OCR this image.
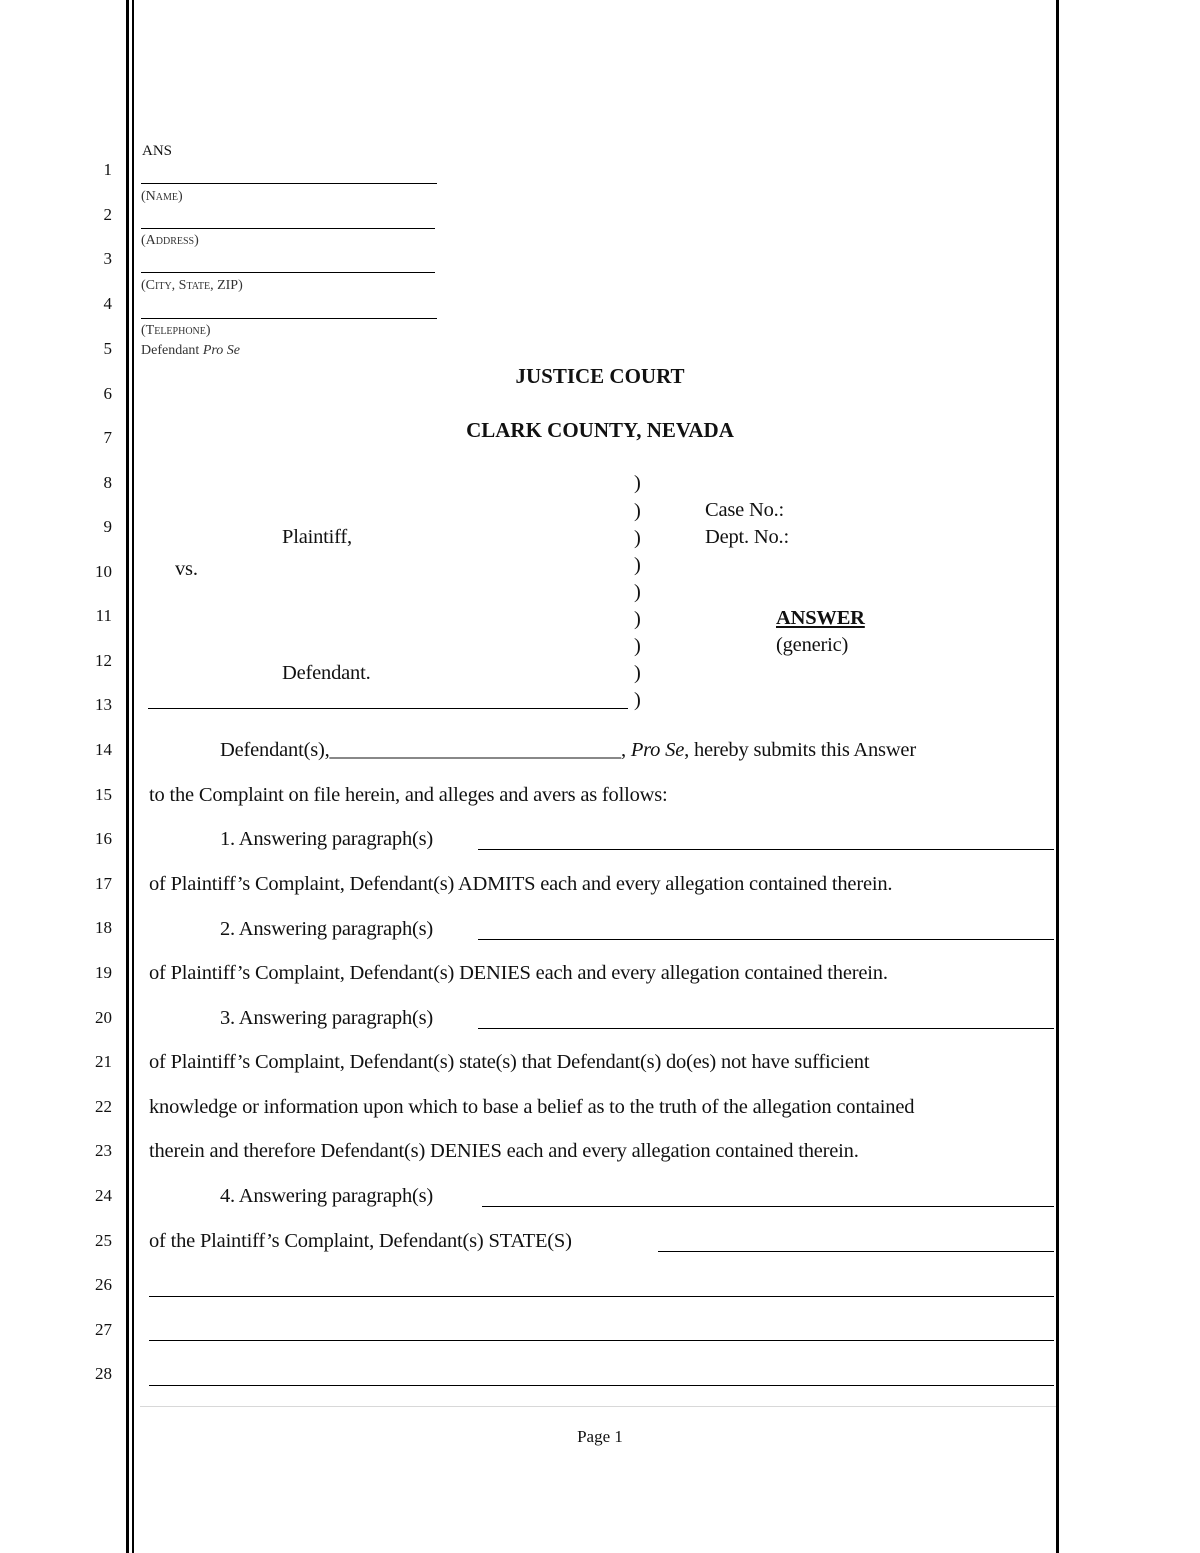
1
2
3
4
5
6
7
8
9
10
11
12
13
14
15
16
17
18
19
20
21
22
23
24
25
26
27
28
ANS
(Name)
(Address)
(City, State, ZIP)
(Telephone)
Defendant Pro Se
JUSTICE COURT
CLARK COUNTY, NEVADA
Plaintiff,
vs.
Defendant.
)
)
)
)
)
)
)
)
)
Case No.:
Dept. No.:
ANSWER
(generic)
Defendant(s),_____________________________, Pro Se, hereby submits this Answer
to the Complaint on file herein, and alleges and avers as follows:
1. Answering paragraph(s)
of Plaintiff’s Complaint, Defendant(s) ADMITS each and every allegation contained therein.
2. Answering paragraph(s)
of Plaintiff’s Complaint, Defendant(s) DENIES each and every allegation contained therein.
3. Answering paragraph(s)
of Plaintiff’s Complaint, Defendant(s) state(s) that Defendant(s) do(es) not have sufficient
knowledge or information upon which to base a belief as to the truth of the allegation contained
therein and therefore Defendant(s) DENIES each and every allegation contained therein.
4. Answering paragraph(s)
of the Plaintiff’s Complaint, Defendant(s) STATE(S)
Page 1
